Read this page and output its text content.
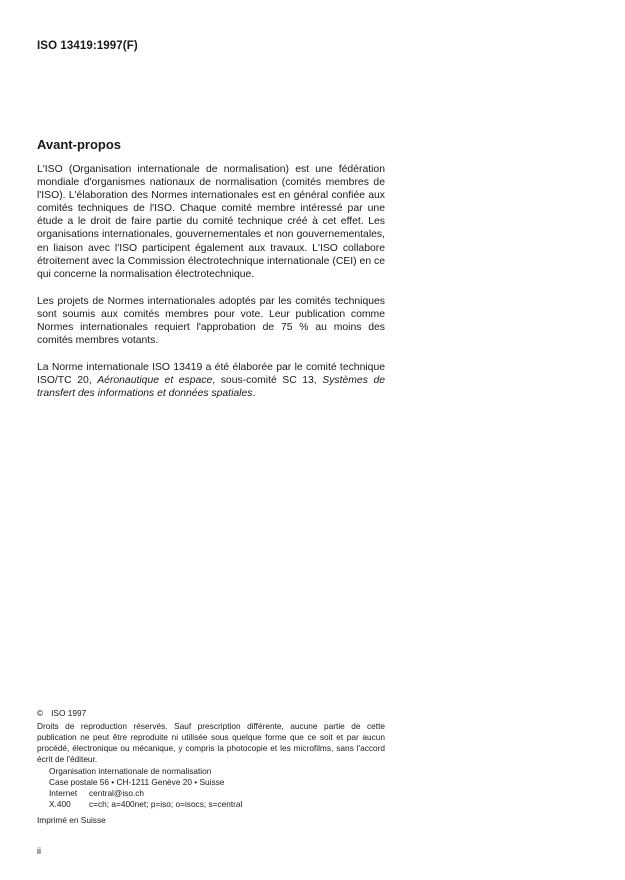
ISO 13419:1997(F)
Avant-propos

L'ISO (Organisation internationale de normalisation) est une fédération mondiale d'organismes nationaux de normalisation (comités membres de l'ISO). L'élaboration des Normes internationales est en général confiée aux comités techniques de l'ISO. Chaque comité membre intéressé par une étude a le droit de faire partie du comité technique créé à cet effet. Les organisations internationales, gouvernementales et non gouvernementales, en liaison avec l'ISO participent également aux travaux. L'ISO collabore étroitement avec la Commission électrotechnique internationale (CEI) en ce qui concerne la normalisation électrotechnique.

Les projets de Normes internationales adoptés par les comités techniques sont soumis aux comités membres pour vote. Leur publication comme Normes internationales requiert l'approbation de 75 % au moins des comités membres votants.

La Norme internationale ISO 13419 a été élaborée par le comité technique ISO/TC 20, Aéronautique et espace, sous-comité SC 13, Systèmes de transfert des informations et données spatiales.

© ISO 1997
Droits de reproduction réservés. Sauf prescription différente, aucune partie de cette publication ne peut être reproduite ni utilisée sous quelque forme que ce soit et par aucun procédé, électronique ou mécanique, y compris la photocopie et les microfilms, sans l'accord écrit de l'éditeur.
Organisation internationale de normalisation
Case postale 56 • CH-1211 Genève 20 • Suisse
Internet	central@iso.ch
X.400	c=ch; a=400net; p=iso; o=isocs; s=central
Imprimé en Suisse
ii
